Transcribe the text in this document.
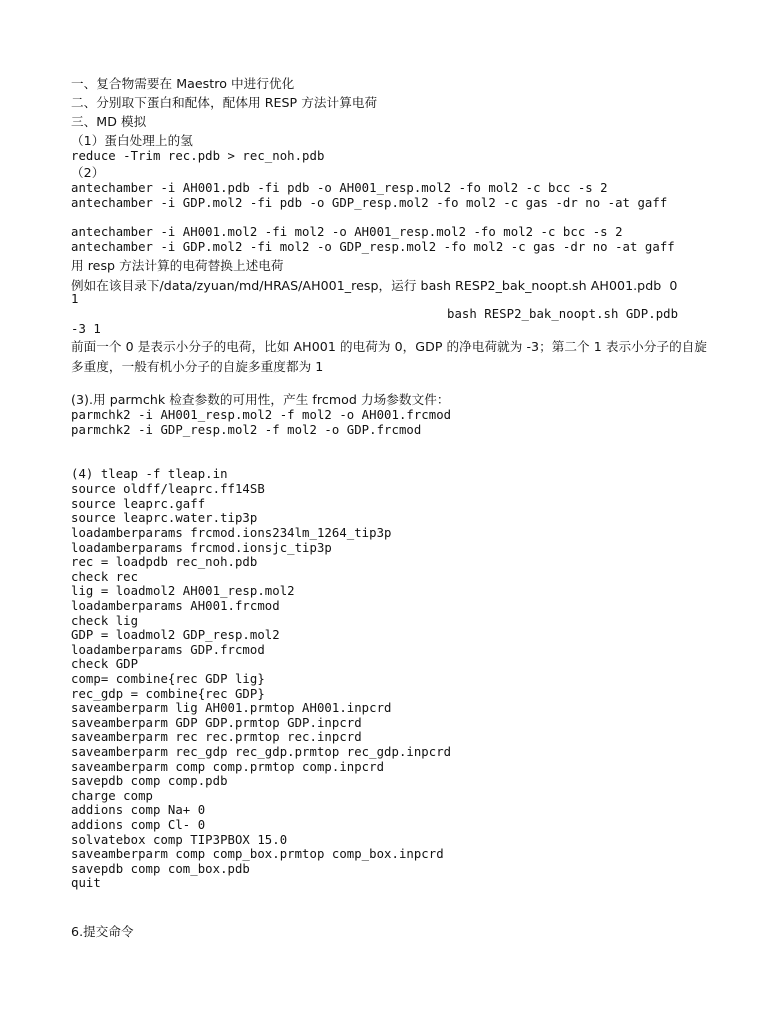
一、复合物需要在 Maestro 中进行优化
二、分别取下蛋白和配体，配体用 RESP 方法计算电荷
三、MD 模拟
（1）蛋白处理上的氢
reduce -Trim rec.pdb > rec_noh.pdb
（2）
antechamber -i AH001.pdb -fi pdb -o AH001_resp.mol2 -fo mol2 -c bcc -s 2
antechamber -i GDP.mol2 -fi pdb -o GDP_resp.mol2 -fo mol2 -c gas -dr no -at gaff
antechamber -i AH001.mol2 -fi mol2 -o AH001_resp.mol2 -fo mol2 -c bcc -s 2
antechamber -i GDP.mol2 -fi mol2 -o GDP_resp.mol2 -fo mol2 -c gas -dr no -at gaff
用 resp 方法计算的电荷替换上述电荷
例如在该目录下/data/zyuan/md/HRAS/AH001_resp，运行 bash RESP2_bak_noopt.sh AH001.pdb  0
1
bash RESP2_bak_noopt.sh GDP.pdb
-3 1
前面一个 0 是表示小分子的电荷，比如 AH001 的电荷为 0，GDP 的净电荷就为 -3；第二个 1 表示小分子的自旋
多重度，一般有机小分子的自旋多重度都为 1
(3).用 parmchk 检查参数的可用性，产生 frcmod 力场参数文件：
parmchk2 -i AH001_resp.mol2 -f mol2 -o AH001.frcmod
parmchk2 -i GDP_resp.mol2 -f mol2 -o GDP.frcmod
(4) tleap -f tleap.in
source oldff/leaprc.ff14SB
source leaprc.gaff
source leaprc.water.tip3p
loadamberparams frcmod.ions234lm_1264_tip3p
loadamberparams frcmod.ionsjc_tip3p
rec = loadpdb rec_noh.pdb
check rec
lig = loadmol2 AH001_resp.mol2
loadamberparams AH001.frcmod
check lig
GDP = loadmol2 GDP_resp.mol2
loadamberparams GDP.frcmod
check GDP
comp= combine{rec GDP lig}
rec_gdp = combine{rec GDP}
saveamberparm lig AH001.prmtop AH001.inpcrd
saveamberparm GDP GDP.prmtop GDP.inpcrd
saveamberparm rec rec.prmtop rec.inpcrd
saveamberparm rec_gdp rec_gdp.prmtop rec_gdp.inpcrd
saveamberparm comp comp.prmtop comp.inpcrd
savepdb comp comp.pdb
charge comp
addions comp Na+ 0
addions comp Cl- 0
solvatebox comp TIP3PBOX 15.0
saveamberparm comp comp_box.prmtop comp_box.inpcrd
savepdb comp com_box.pdb
quit
6.提交命令
